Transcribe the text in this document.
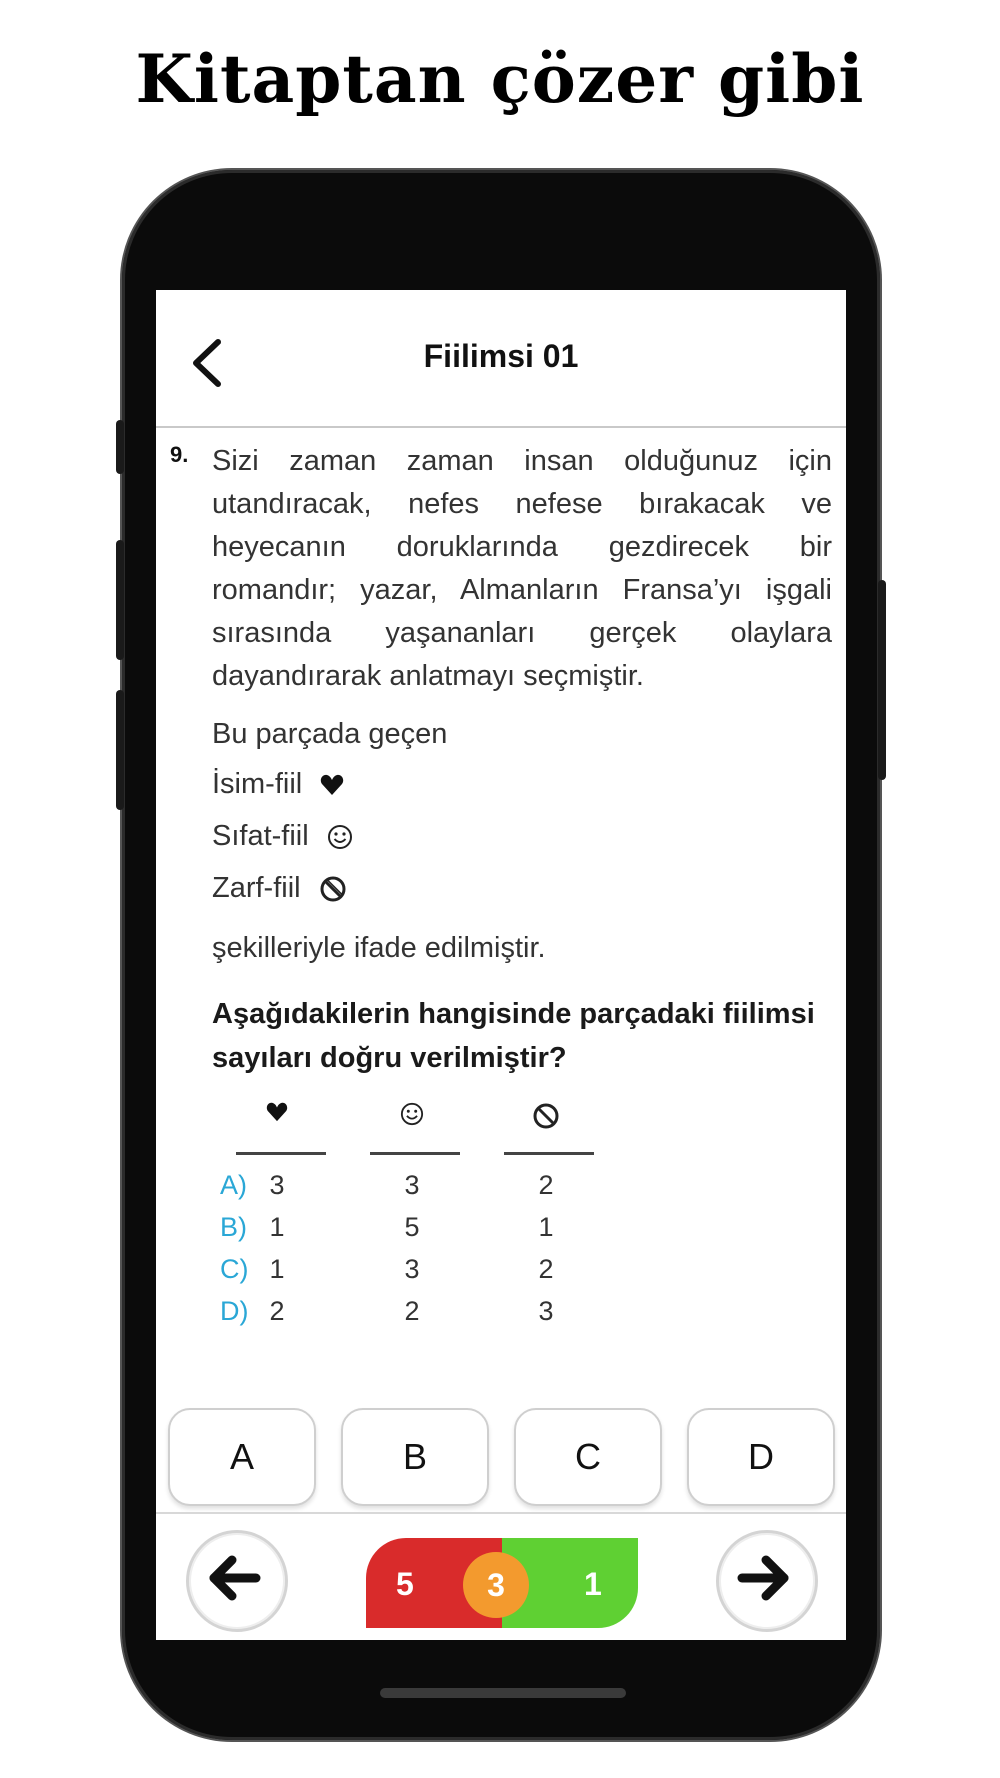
Kitaptan çözer gibi
Fiilimsi 01
9. Sizi zaman zaman insan olduğunuz için utandıracak, nefes nefese bırakacak ve heyecanın doruklarında gezdirecek bir romandır; yazar, Almanların Fransa’yı işgali sırasında yaşananları gerçek olaylara dayandırarak anlatmayı seçmiştir.
Bu parçada geçen
İsim-fiil
Sıfat-fiil
Zarf-fiil
şekilleriyle ifade edilmiştir.
Aşağıdakilerin hangisinde parçadaki fiilimsi sayıları doğru verilmiştir?
A) 3	3	2
B) 1	5	1
C) 1	3	2
D) 2	2	3
A	B	C	D
5	1
3
